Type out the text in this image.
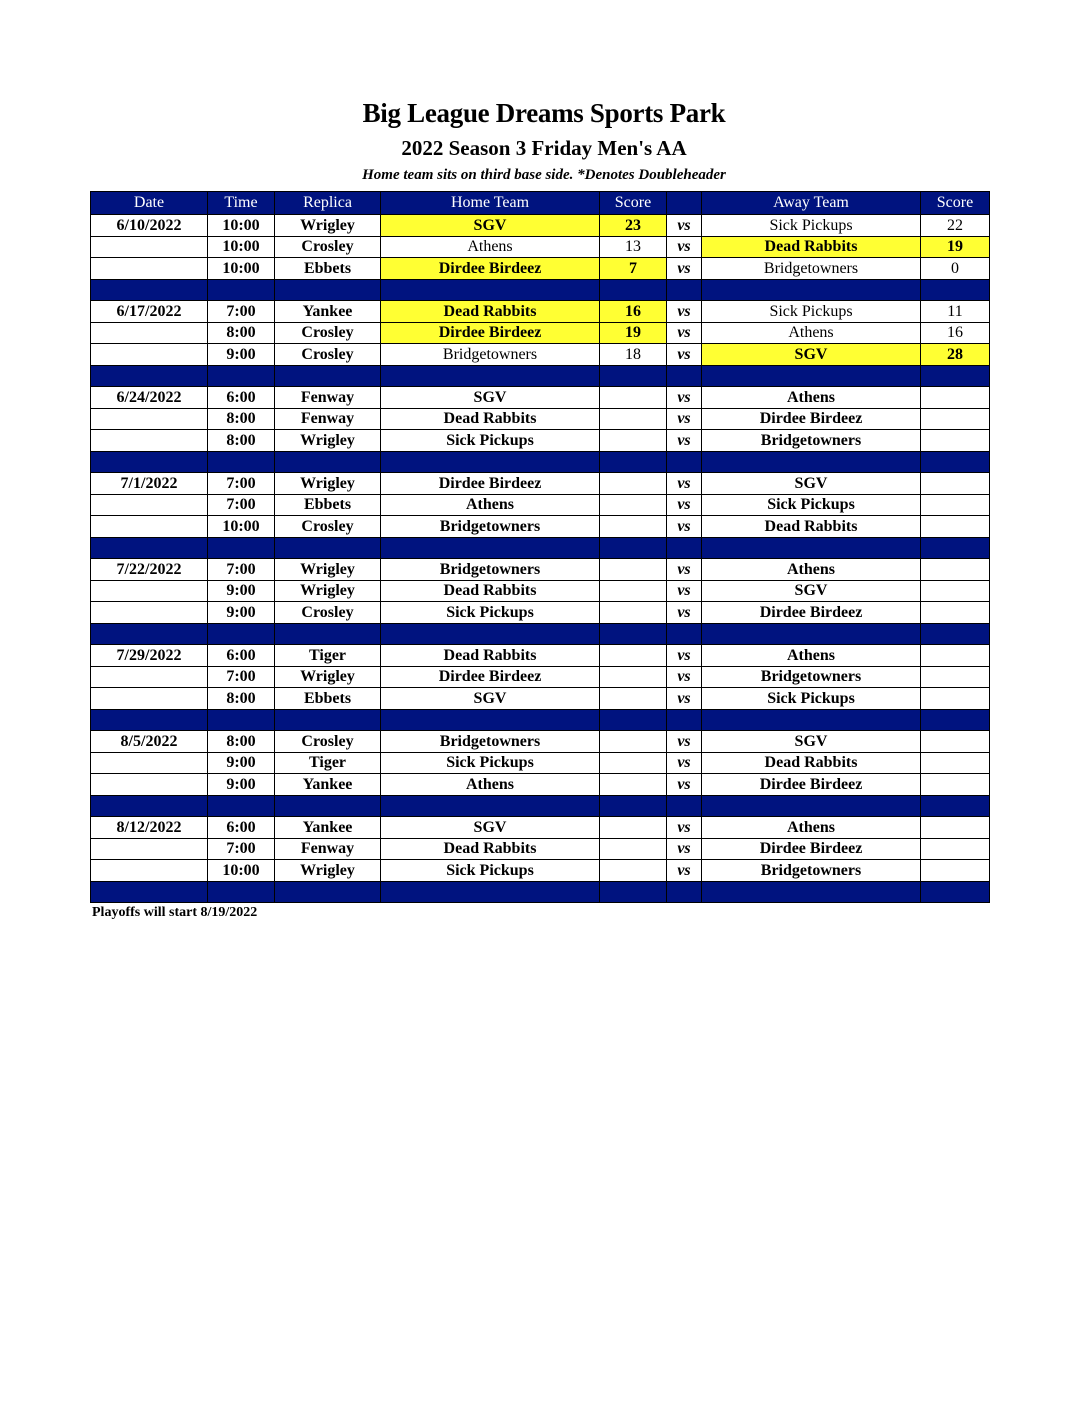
Big League Dreams Sports Park
2022 Season 3 Friday Men's AA
Home team sits on third base side. *Denotes Doubleheader
Date	Time	Replica	Home Team	Score		Away Team	Score
6/10/2022	10:00	Wrigley	SGV	23	vs	Sick Pickups	22
	10:00	Crosley	Athens	13	vs	Dead Rabbits	19
	10:00	Ebbets	Dirdee Birdeez	7	vs	Bridgetowners	0

6/17/2022	7:00	Yankee	Dead Rabbits	16	vs	Sick Pickups	11
	8:00	Crosley	Dirdee Birdeez	19	vs	Athens	16
	9:00	Crosley	Bridgetowners	18	vs	SGV	28

6/24/2022	6:00	Fenway	SGV		vs	Athens	
	8:00	Fenway	Dead Rabbits		vs	Dirdee Birdeez	
	8:00	Wrigley	Sick Pickups		vs	Bridgetowners	

7/1/2022	7:00	Wrigley	Dirdee Birdeez		vs	SGV	
	7:00	Ebbets	Athens		vs	Sick Pickups	
	10:00	Crosley	Bridgetowners		vs	Dead Rabbits	

7/22/2022	7:00	Wrigley	Bridgetowners		vs	Athens	
	9:00	Wrigley	Dead Rabbits		vs	SGV	
	9:00	Crosley	Sick Pickups		vs	Dirdee Birdeez	

7/29/2022	6:00	Tiger	Dead Rabbits		vs	Athens	
	7:00	Wrigley	Dirdee Birdeez		vs	Bridgetowners	
	8:00	Ebbets	SGV		vs	Sick Pickups	

8/5/2022	8:00	Crosley	Bridgetowners		vs	SGV	
	9:00	Tiger	Sick Pickups		vs	Dead Rabbits	
	9:00	Yankee	Athens		vs	Dirdee Birdeez	

8/12/2022	6:00	Yankee	SGV		vs	Athens	
	7:00	Fenway	Dead Rabbits		vs	Dirdee Birdeez	
	10:00	Wrigley	Sick Pickups		vs	Bridgetowners	

Playoffs will start 8/19/2022
